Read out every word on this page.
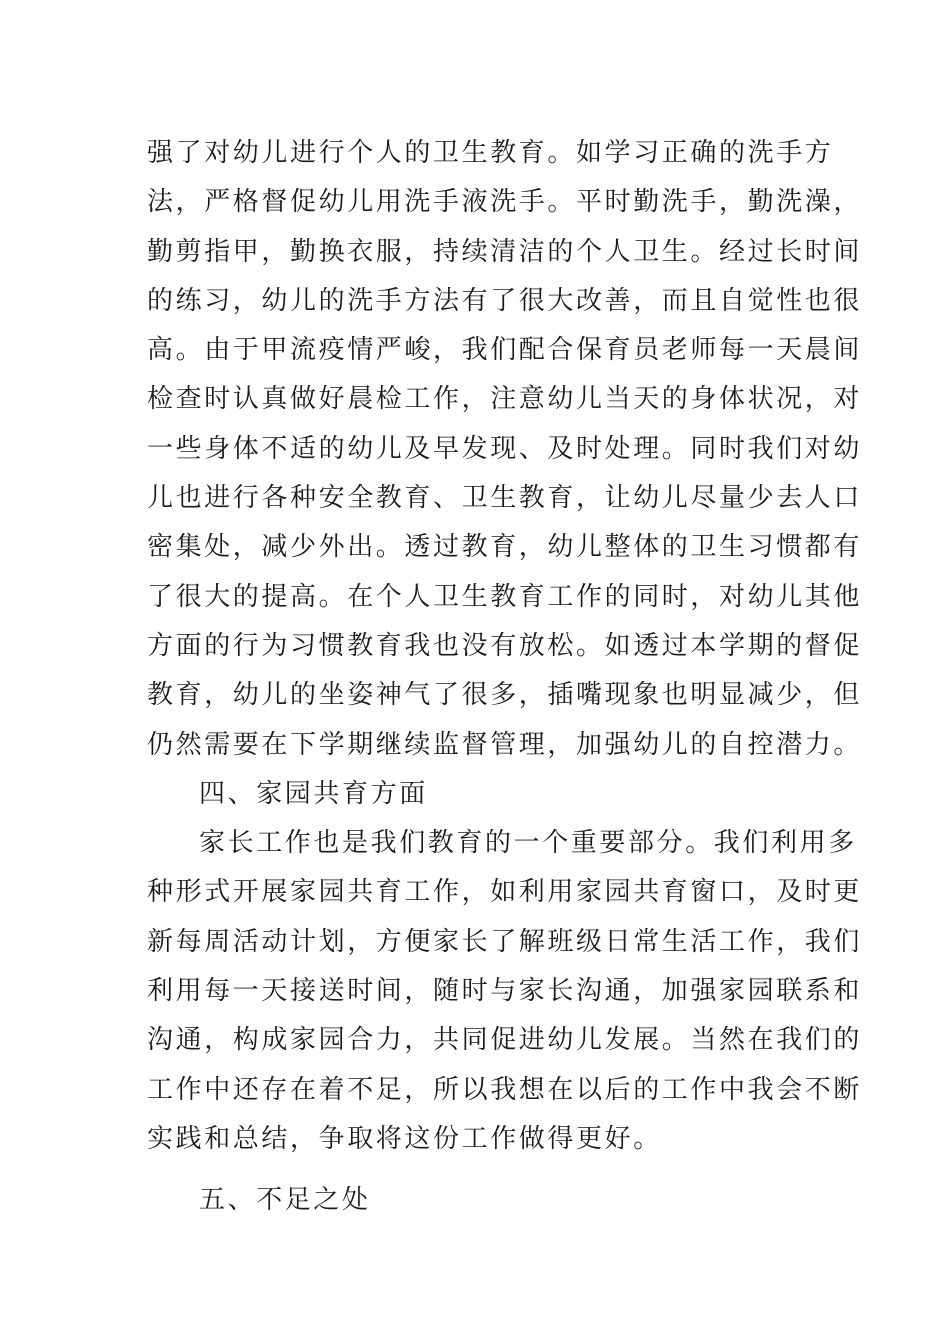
强了对幼儿进行个人的卫生教育。如学习正确的洗手方
法，严格督促幼儿用洗手液洗手。平时勤洗手，勤洗澡，
勤剪指甲，勤换衣服，持续清洁的个人卫生。经过长时间
的练习，幼儿的洗手方法有了很大改善，而且自觉性也很
高。由于甲流疫情严峻，我们配合保育员老师每一天晨间
检查时认真做好晨检工作，注意幼儿当天的身体状况，对
一些身体不适的幼儿及早发现、及时处理。同时我们对幼
儿也进行各种安全教育、卫生教育，让幼儿尽量少去人口
密集处，减少外出。透过教育，幼儿整体的卫生习惯都有
了很大的提高。在个人卫生教育工作的同时，对幼儿其他
方面的行为习惯教育我也没有放松。如透过本学期的督促
教育，幼儿的坐姿神气了很多，插嘴现象也明显减少，但
仍然需要在下学期继续监督管理，加强幼儿的自控潜力。
四、家园共育方面
家长工作也是我们教育的一个重要部分。我们利用多
种形式开展家园共育工作，如利用家园共育窗口，及时更
新每周活动计划，方便家长了解班级日常生活工作，我们
利用每一天接送时间，随时与家长沟通，加强家园联系和
沟通，构成家园合力，共同促进幼儿发展。当然在我们的
工作中还存在着不足，所以我想在以后的工作中我会不断
实践和总结，争取将这份工作做得更好。
五、不足之处
